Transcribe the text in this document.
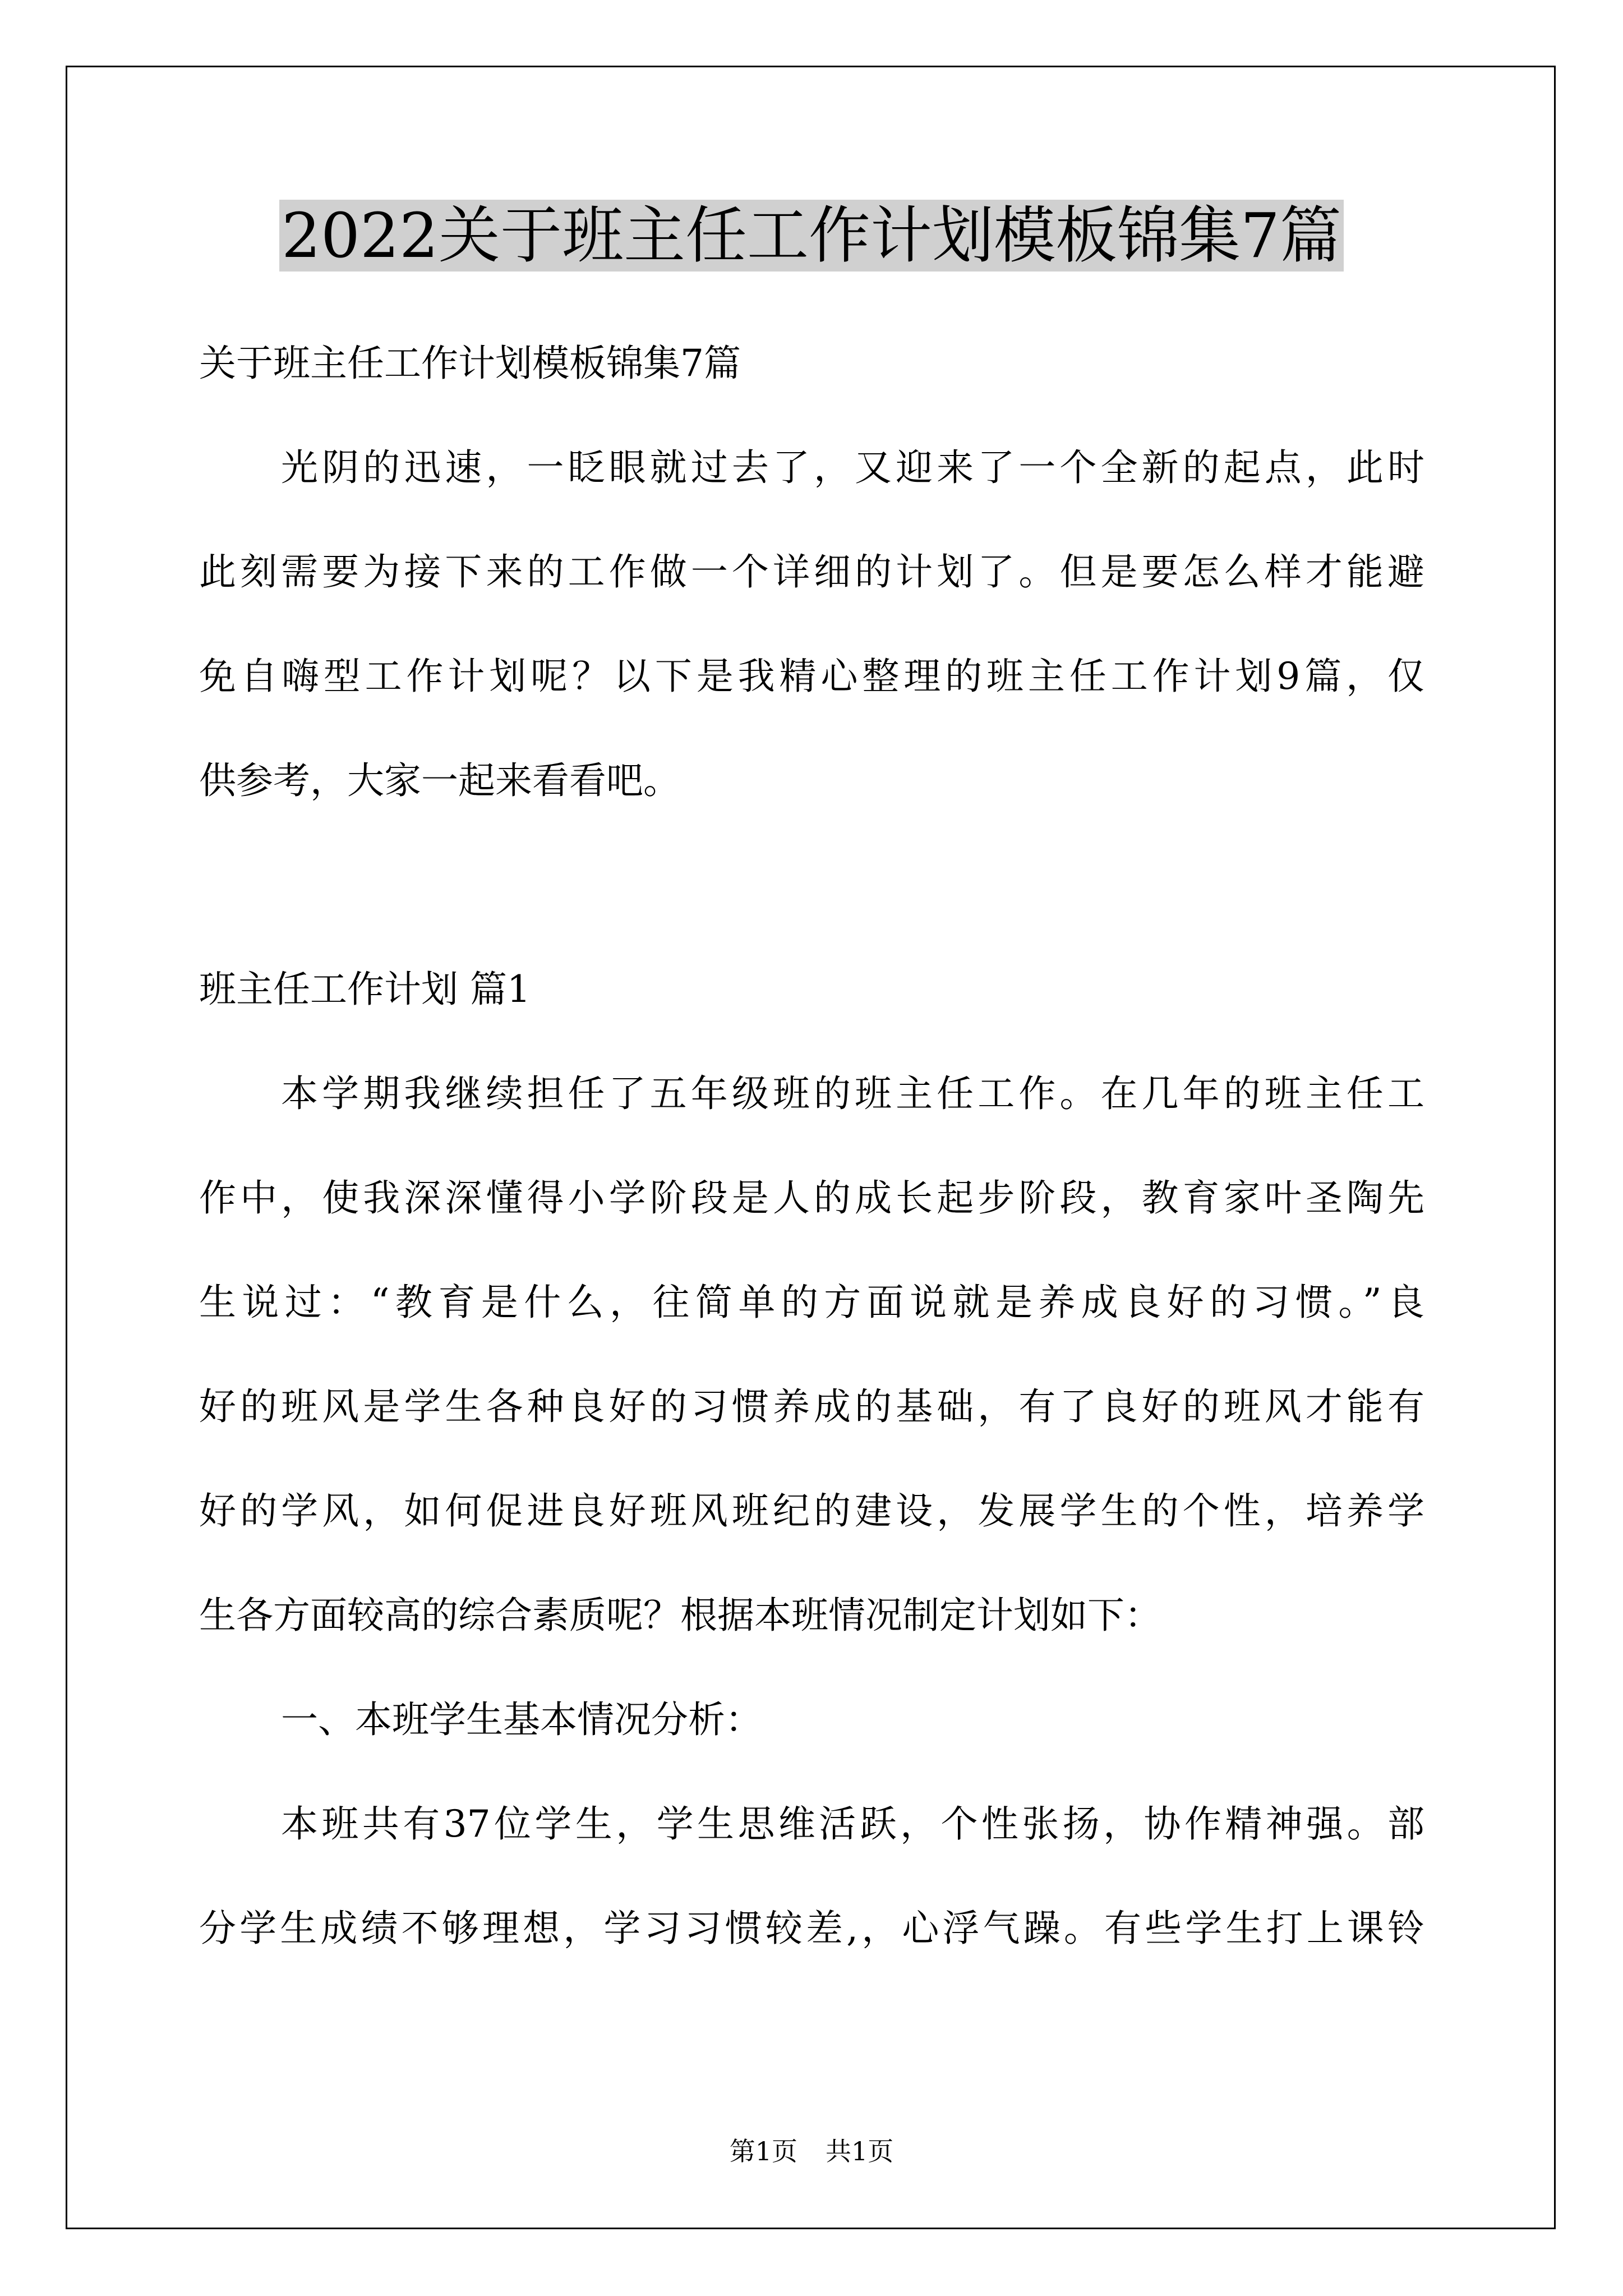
2022关于班主任工作计划模板锦集7篇
关于班主任工作计划模板锦集7篇
光阴的迅速，一眨眼就过去了，又迎来了一个全新的起点，此时
此刻需要为接下来的工作做一个详细的计划了。但是要怎么样才能避
免自嗨型工作计划呢？以下是我精心整理的班主任工作计划9篇，仅
供参考，大家一起来看看吧。
班主任工作计划 篇1
本学期我继续担任了五年级班的班主任工作。在几年的班主任工
作中，使我深深懂得小学阶段是人的成长起步阶段，教育家叶圣陶先
生说过：“教育是什么，往简单的方面说就是养成良好的习惯。”良
好的班风是学生各种良好的习惯养成的基础，有了良好的班风才能有
好的学风，如何促进良好班风班纪的建设，发展学生的个性，培养学
生各方面较高的综合素质呢？根据本班情况制定计划如下：
一、本班学生基本情况分析：
本班共有37位学生，学生思维活跃，个性张扬，协作精神强。部
分学生成绩不够理想，学习习惯较差,，心浮气躁。有些学生打上课铃
第1页 共1页
